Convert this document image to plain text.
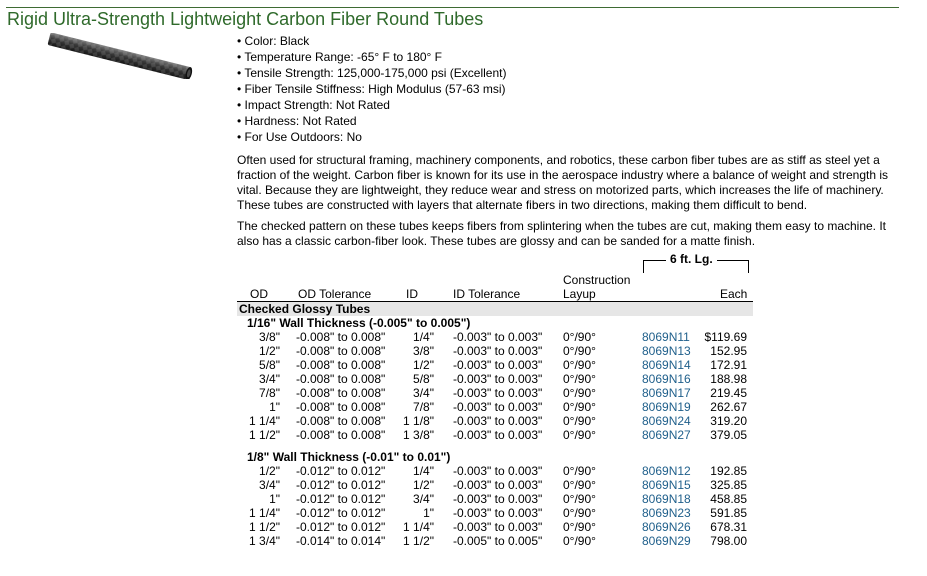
Rigid Ultra-Strength Lightweight Carbon Fiber Round Tubes
• Color: Black
• Temperature Range: -65° F to 180° F
• Tensile Strength: 125,000-175,000 psi (Excellent)
• Fiber Tensile Stiffness: High Modulus (57-63 msi)
• Impact Strength: Not Rated
• Hardness: Not Rated
• For Use Outdoors: No

Often used for structural framing, machinery components, and robotics, these carbon fiber tubes are as stiff as steel yet a fraction of the weight. Carbon fiber is known for its use in the aerospace industry where a balance of weight and strength is vital. Because they are lightweight, they reduce wear and stress on motorized parts, which increases the life of machinery. These tubes are constructed with layers that alternate fibers in two directions, making them difficult to bend.

The checked pattern on these tubes keeps fibers from splintering when the tubes are cut, making them easy to machine. It also has a classic carbon-fiber look. These tubes are glossy and can be sanded for a matte finish.

6 ft. Lg.
Construction
OD	OD Tolerance	ID	ID Tolerance	Layup	Each
Checked Glossy Tubes
1/16" Wall Thickness (-0.005" to 0.005")
3/8" -0.008" to 0.008"	1/4" -0.003" to 0.003" 0°/90°	8069N11	$119.69
1/2" -0.008" to 0.008"	3/8" -0.003" to 0.003" 0°/90°	8069N13	152.95
5/8" -0.008" to 0.008"	1/2" -0.003" to 0.003" 0°/90°	8069N14	172.91
3/4" -0.008" to 0.008"	5/8" -0.003" to 0.003" 0°/90°	8069N16	188.98
7/8" -0.008" to 0.008"	3/4" -0.003" to 0.003" 0°/90°	8069N17	219.45
1" -0.008" to 0.008"	7/8" -0.003" to 0.003" 0°/90°	8069N19	262.67
1 1/4" -0.008" to 0.008" 1 1/8" -0.003" to 0.003" 0°/90°	8069N24	319.20
1 1/2" -0.008" to 0.008" 1 3/8" -0.003" to 0.003" 0°/90°	8069N27	379.05
1/8" Wall Thickness (-0.01" to 0.01")
1/2" -0.012" to 0.012"	1/4" -0.003" to 0.003" 0°/90°	8069N12	192.85
3/4" -0.012" to 0.012"	1/2" -0.003" to 0.003" 0°/90°	8069N15	325.85
1" -0.012" to 0.012"	3/4" -0.003" to 0.003" 0°/90°	8069N18	458.85
1 1/4" -0.012" to 0.012"	1" -0.003" to 0.003" 0°/90°	8069N23	591.85
1 1/2" -0.012" to 0.012" 1 1/4" -0.003" to 0.003" 0°/90°	8069N26	678.31
1 3/4" -0.014" to 0.014" 1 1/2" -0.005" to 0.005" 0°/90°	8069N29	798.00
